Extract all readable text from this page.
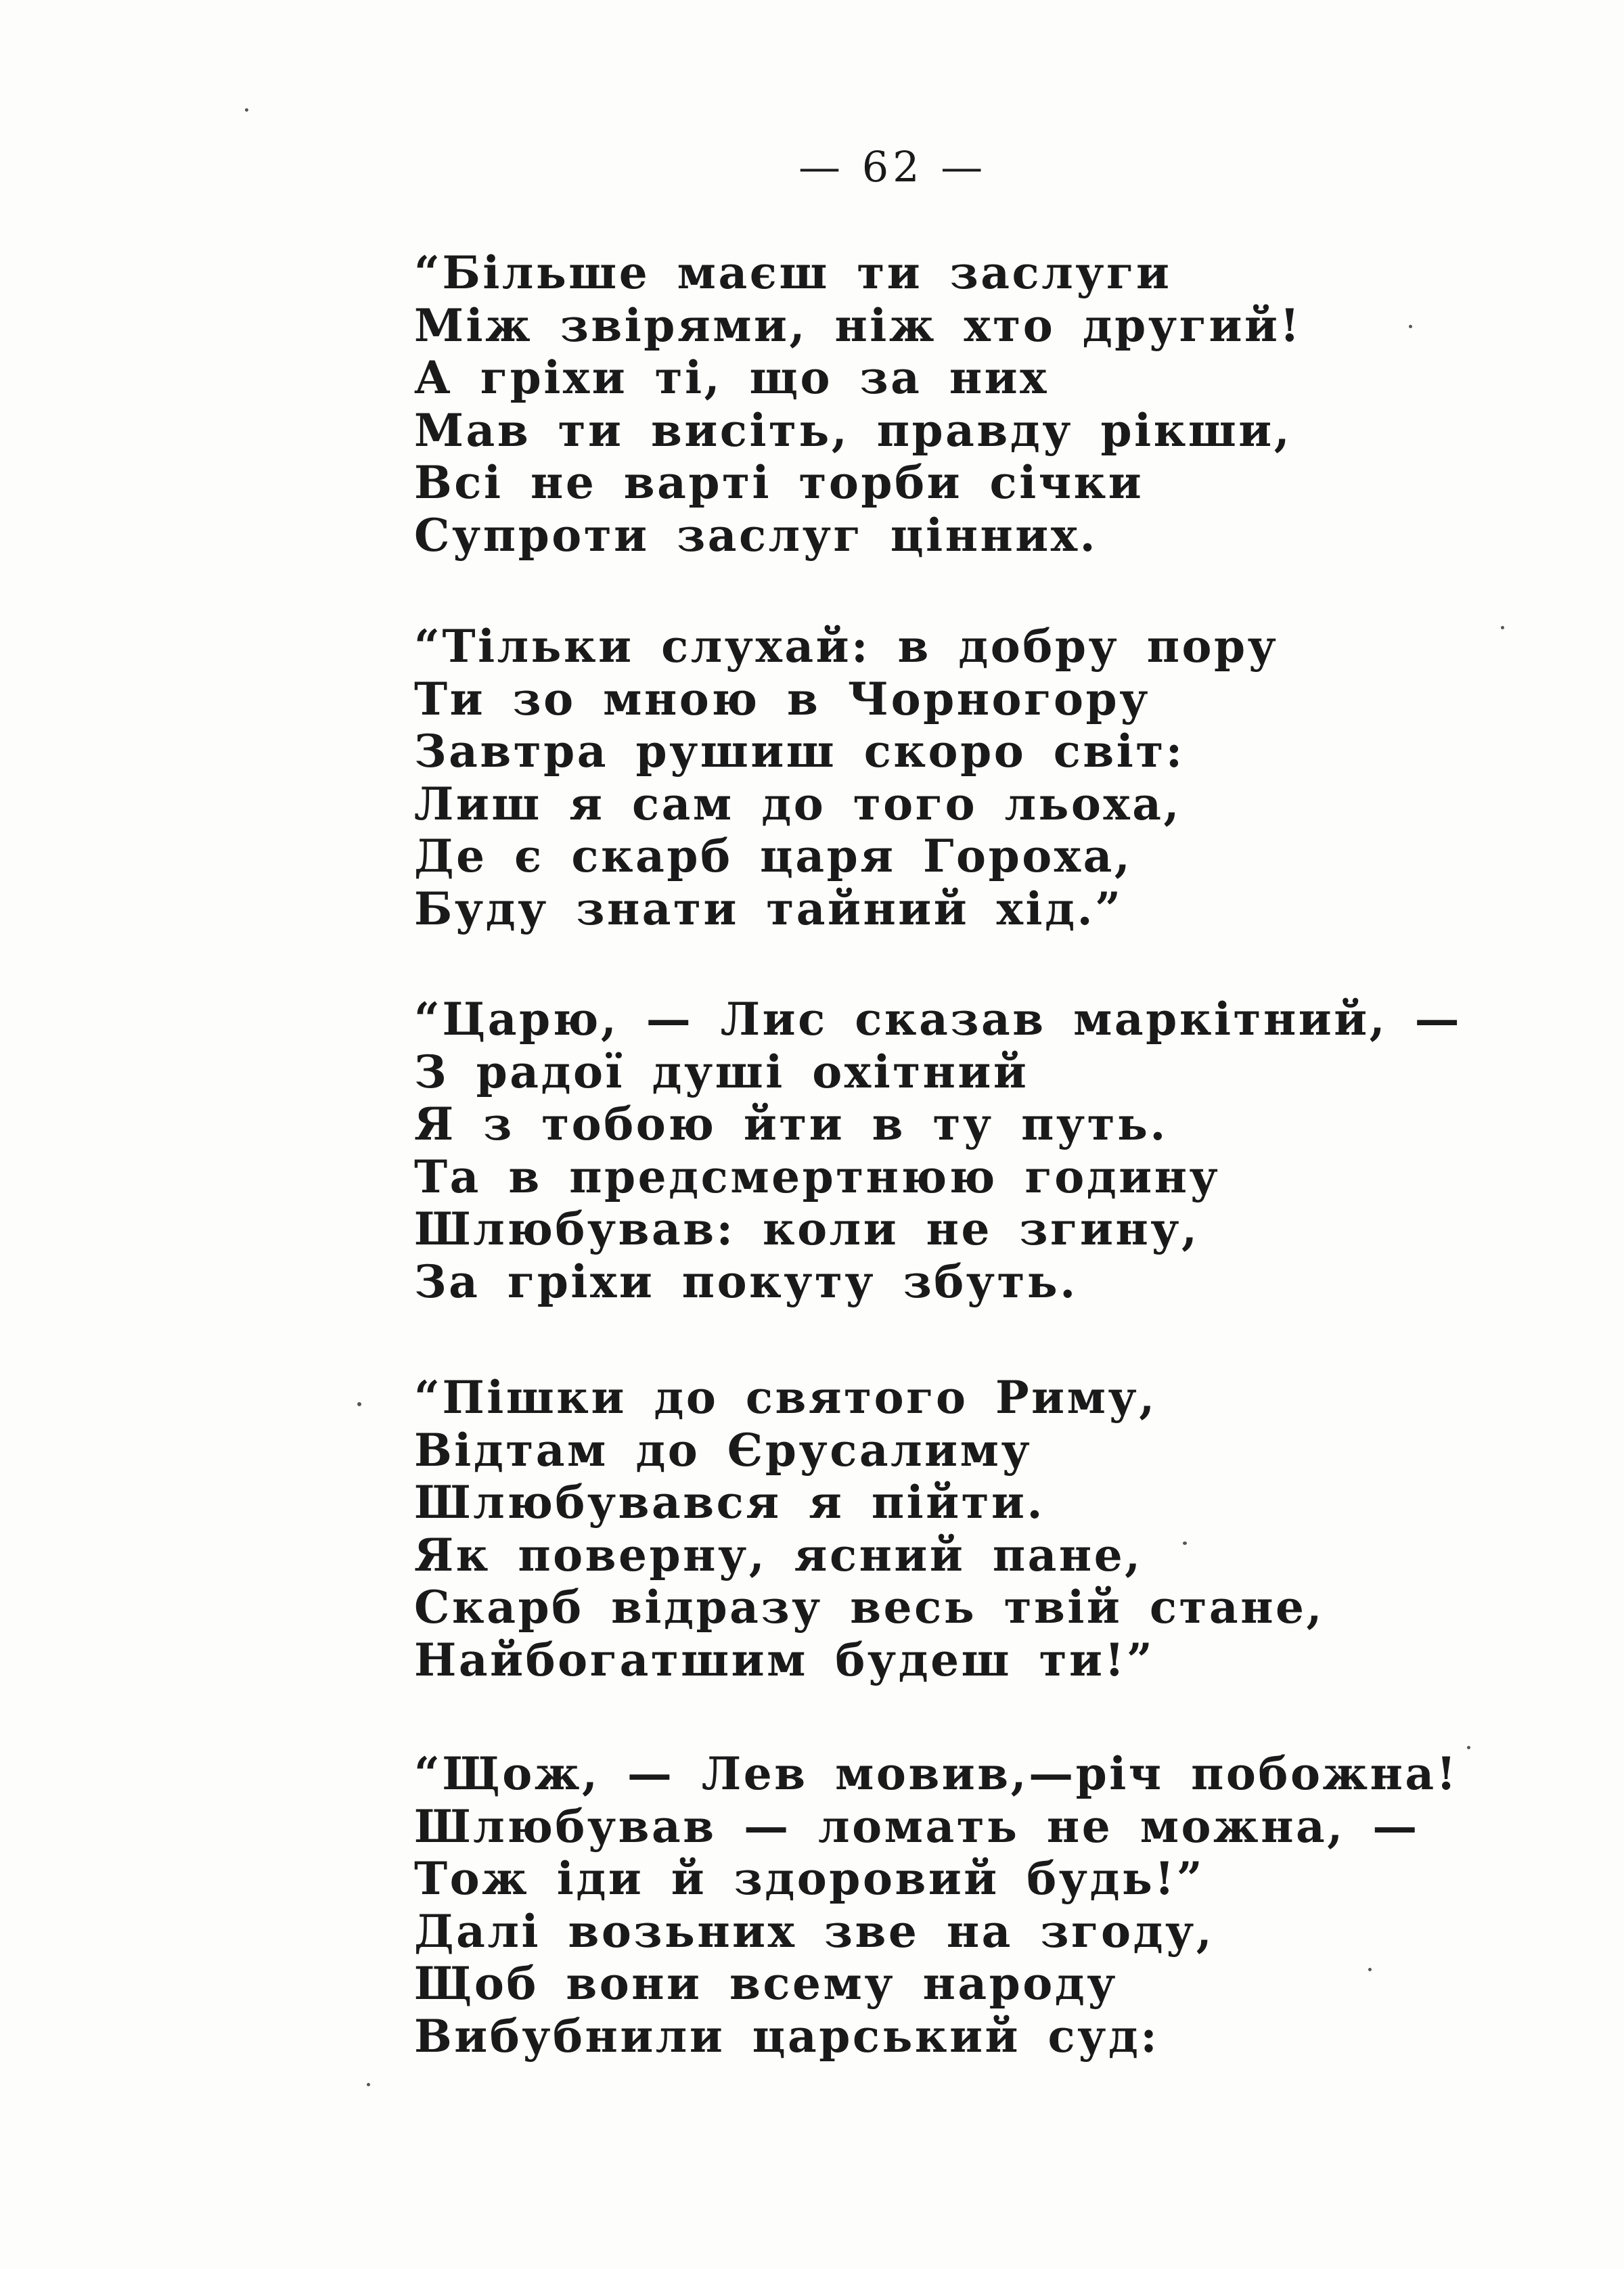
— 62 —
“Більше маєш ти заслуги
Між звірями, ніж хто другий!
А гріхи ті, що за них
Мав ти висіть, правду рікши,
Всі не варті торби січки
Супроти заслуг цінних.
“Тільки слухай: в добру пору
Ти зо мною в Чорногору
Завтра рушиш скоро світ:
Лиш я сам до того льоха,
Де є скарб царя Гороха,
Буду знати тайний хід.”
“Царю, — Лис сказав маркітний, —
З радої душі охітний
Я з тобою йти в ту путь.
Та в предсмертнюю годину
Шлюбував: коли не згину,
За гріхи покуту збуть.
“Пішки до святого Риму,
Відтам до Єрусалиму
Шлюбувався я пійти.
Як поверну, ясний пане,
Скарб відразу весь твій стане,
Найбогатшим будеш ти!”
“Щож, — Лев мовив,—річ побожна!
Шлюбував — ломать не можна, —
Тож іди й здоровий будь!”
Далі возьних зве на згоду,
Щоб вони всему народу
Вибубнили царський суд:
